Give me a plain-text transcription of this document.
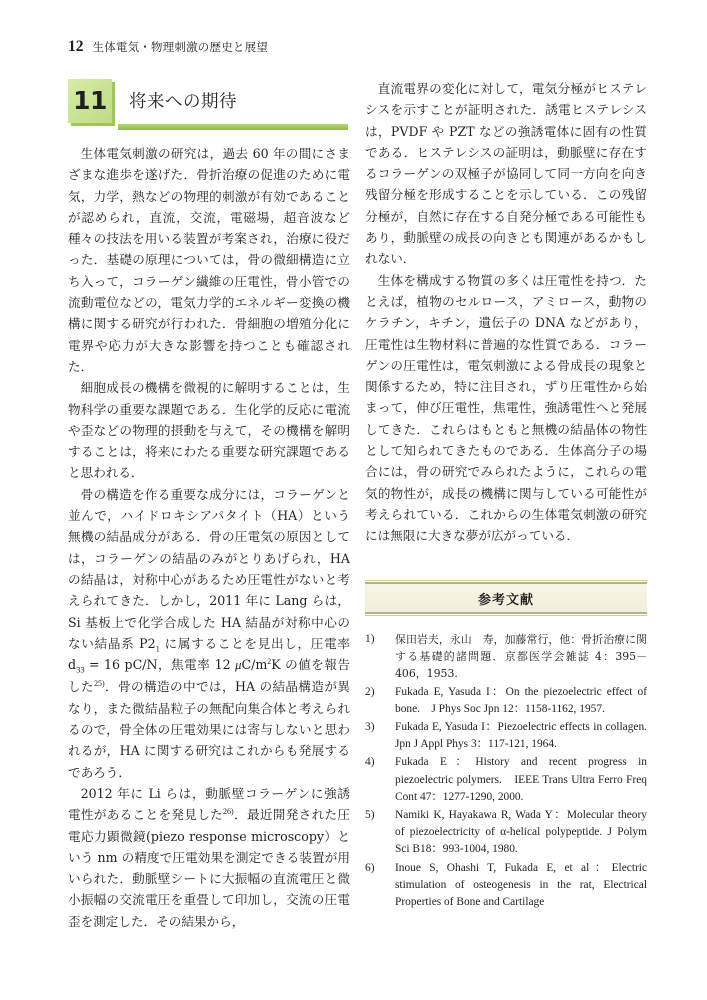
12 生体電気・物理刺激の歴史と展望
11 将来への期待

生体電気刺激の研究は，過去 60 年の間にさまざまな進歩を遂げた．骨折治療の促進のために電気，力学，熱などの物理的刺激が有効であることが認められ，直流，交流，電磁場，超音波など種々の技法を用いる装置が考案され，治療に役だった．基礎の原理については，骨の微細構造に立ち入って，コラーゲン繊維の圧電性，骨小管での流動電位などの，電気力学的エネルギー変換の機構に関する研究が行われた．骨細胞の増殖分化に電界や応力が大きな影響を持つことも確認された．

細胞成長の機構を微視的に解明することは，生物科学の重要な課題である．生化学的反応に電流や歪などの物理的摂動を与えて，その機構を解明することは，将来にわたる重要な研究課題であると思われる．

骨の構造を作る重要な成分には，コラーゲンと並んで，ハイドロキシアパタイト（HA）という無機の結晶成分がある．骨の圧電気の原因としては，コラーゲンの結晶のみがとりあげられ，HA の結晶は，対称中心があるため圧電性がないと考えられてきた．しかし，2011 年に Lang らは，Si 基板上で化学合成した HA 結晶が対称中心のない結晶系 $P2_1$ に属することを見出し，圧電率 $d_{33} = 16$ pC/N，焦電率 12 μC/m$^2$K の値を報告した$^{25)}$．骨の構造の中では，HA の結晶構造が異なり，また微結晶粒子の無配向集合体と考えられるので，骨全体の圧電効果には寄与しないと思われるが，HA に関する研究はこれからも発展するであろう．

2012 年に Li らは，動脈壁コラーゲンに強誘電性があることを発見した$^{26)}$．最近開発された圧電応力顕微鏡(piezo response microscopy）という nm の精度で圧電効果を測定できる装置が用いられた．動脈壁シートに大振幅の直流電圧と微小振幅の交流電圧を重畳して印加し，交流の圧電歪を測定した．その結果から，

直流電界の変化に対して，電気分極がヒステレシスを示すことが証明された．誘電ヒステレシスは，PVDF や PZT などの強誘電体に固有の性質である．ヒステレシスの証明は，動脈壁に存在するコラーゲンの双極子が協同して同一方向を向き残留分極を形成することを示している．この残留分極が，自然に存在する自発分極である可能性もあり，動脈壁の成長の向きとも関連があるかもしれない．

生体を構成する物質の多くは圧電性を持つ．たとえば，植物のセルロース，アミロース，動物のケラチン，キチン，遺伝子の DNA などがあり，圧電性は生物材料に普遍的な性質である．コラーゲンの圧電性は，電気刺激による骨成長の現象と関係するため，特に注目され，ずり圧電性から始まって，伸び圧電性，焦電性，強誘電性へと発展してきた．これらはもともと無機の結晶体の物性として知られてきたものである．生体高分子の場合には，骨の研究でみられたように，これらの電気的物性が，成長の機構に関与している可能性が考えられている．これからの生体電気刺激の研究には無限に大きな夢が広がっている．

参考文献
1)	保田岩夫，永山　寿，加藤常行，他：骨折治療に関する基礎的諸問題．京都医学会雑誌 4：395－406，1953.
2)	Fukada E, Yasuda I：On the piezoelectric effect of bone.　J Phys Soc Jpn 12：1158-1162, 1957.
3)	Fukada E, Yasuda I：Piezoelectric effects in collagen.　Jpn J Appl Phys 3：117-121, 1964.
4)	Fukada E：History and recent progress in piezoelectric polymers.　IEEE Trans Ultra Ferro Freq Cont 47：1277-1290, 2000.
5)	Namiki K, Hayakawa R, Wada Y：Molecular theory of piezoelectricity of α-helical polypeptide. J Polym Sci B18：993-1004, 1980.
6)	Inoue S, Ohashi T, Fukada E, et al：Electric stimulation of osteogenesis in the rat, Electrical Properties of Bone and Cartilage
